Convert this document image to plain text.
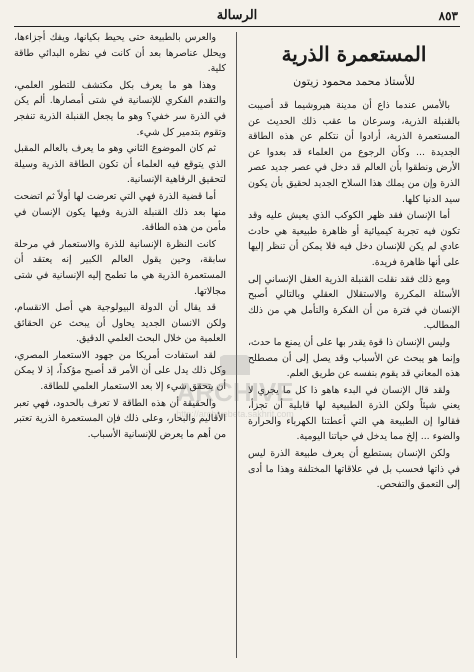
٨٥٣
الرسالة
المستعمرة الذرية
للأستاذ محمد محمود زيتون

بالأمس عندما ذاع أن مدينة هيروشيما قد أصيبت بالقنبلة الذرية، وسرعان ما عقب ذلك الحديث عن المستعمرة الذرية، أرادوا أن نتكلم عن هذه الطاقة الجديدة ... وكأن الرجوع من العلماء قد بعدوا عن الأرض ونطقوا بأن العالم قد دخل في عصر جديد عصر الذرة وإن من يملك هذا السلاح الجديد لحقيق بأن يكون سيد الدنيا كلها.

أما الإنسان فقد ظهر الكوكب الذي يعيش عليه وقد تكون فيه تجربة كيميائية أو ظاهرة طبيعية هي حادث عادي لم يكن للإنسان دخل فيه فلا يمكن أن تنظر إليها على أنها ظاهرة فريدة.

ومع ذلك فقد نقلت القنبلة الذرية العقل الإنساني إلى الأسئلة المكررة والاستقلال العقلي وبالتالي أصبح الإنسان في فترة من أن الفكرة والتأمل هي من ذلك المطالب.

وليس الإنسان ذا قوة يقدر بها على أن يمنع ما حدث، وإنما هو يبحث عن الأسباب وقد يصل إلى أن مصطلح هذه المعاني قد يقوم بنفسه عن طريق العلم.

ولقد قال الإنسان في البدء هاهو ذا كل ما يجري لا يعني شيئاً ولكن الذرة الطبيعية لها قابلية أن تجزأ، فقالوا إن الطبيعة هي التي أعطتنا الكهرباء والحرارة والضوء ... إلخ مما يدخل في حياتنا اليومية.

ولكن الإنسان يستطيع أن يعرف طبيعة الذرة ليس في ذاتها فحسب بل في علاقاتها المختلفة وهذا ما أدى إلى التعمق والتفحص.

والعرس بالطبيعة حتى يحيط بكيانها، ويفك أجزاءها، ويحلل عناصرها بعد أن كانت في نظره البدائي طاقة كلية.

وهذا هو ما يعرف بكل مكتشف للتطور العلمي، والتقدم الفكري للإنسانية في شتى أمصارها. ألم يكن في الذرة سر خفي؟ وهو ما يجعل القنبلة الذرية تنفجر وتقوم بتدمير كل شيء.

ثم كان الموضوع الثاني وهو ما يعرف بالعالم المقبل الذي يتوقع فيه العلماء أن تكون الطاقة الذرية وسيلة لتحقيق الرفاهية الإنسانية.

أما قضية الذرة فهي التي تعرضت لها أولاً ثم اتضحت منها بعد ذلك القنبلة الذرية وفيها يكون الإنسان في مأمن من هذه الطاقة.

كانت النظرة الإنسانية للذرة والاستعمار في مرحلة سابقة، وحين يقول العالم الكبير إنه يعتقد أن المستعمرة الذرية هي ما تطمح إليه الإنسانية في شتى مجالاتها.

قد يقال أن الدولة البيولوجية هي أصل الانقسام، ولكن الانسان الجديد يحاول أن يبحث عن الحقائق العلمية من خلال البحث العلمي الدقيق.

لقد استفادت أمريكا من جهود الاستعمار المصري، وكل ذلك يدل على أن الأمر قد أصبح مؤكداً، إذ لا يمكن أن يتحقق شيء إلا بعد الاستعمار العلمي للطاقة.

والحقيقة أن هذه الطاقة لا تعرف بالحدود، فهي تعبر الأقاليم والبحار، وعلى ذلك فإن المستعمرة الذرية تعتبر من أهم ما يعرض للإنسانية الأسباب.

ARCHIVE
http://archivebeta.sakhrit.com
